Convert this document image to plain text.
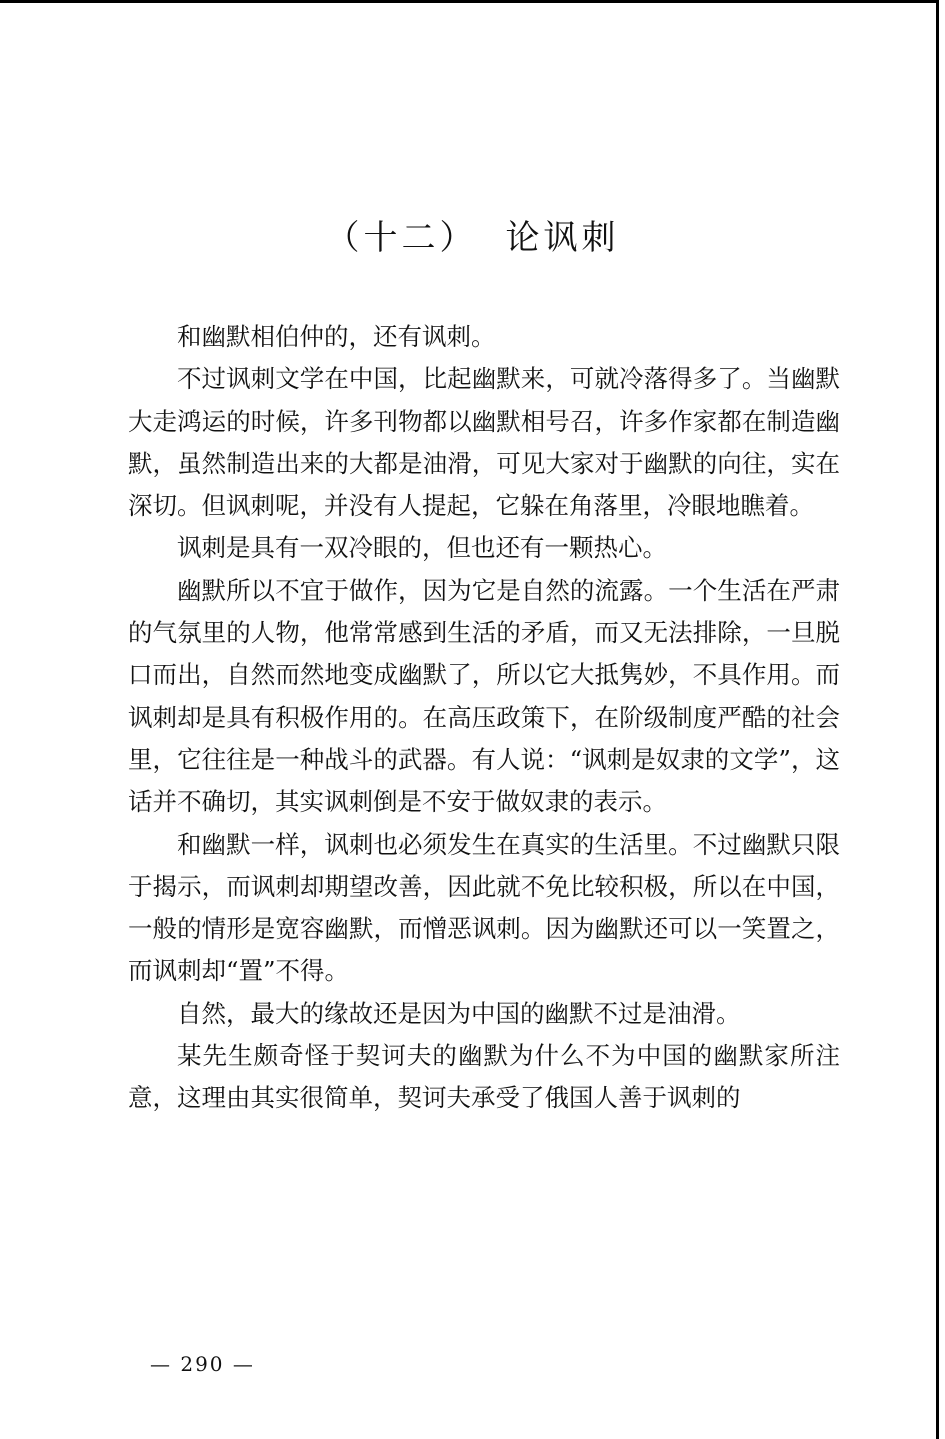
（十二） 论讽刺

和幽默相伯仲的，还有讽刺。

不过讽刺文学在中国，比起幽默来，可就冷落得多了。当幽默大走鸿运的时候，许多刊物都以幽默相号召，许多作家都在制造幽默，虽然制造出来的大都是油滑，可见大家对于幽默的向往，实在深切。但讽刺呢，并没有人提起，它躲在角落里，冷眼地瞧着。

讽刺是具有一双冷眼的，但也还有一颗热心。

幽默所以不宜于做作，因为它是自然的流露。一个生活在严肃的气氛里的人物，他常常感到生活的矛盾，而又无法排除，一旦脱口而出，自然而然地变成幽默了，所以它大抵隽妙，不具作用。而讽刺却是具有积极作用的。在高压政策下，在阶级制度严酷的社会里，它往往是一种战斗的武器。有人说：“讽刺是奴隶的文学”，这话并不确切，其实讽刺倒是不安于做奴隶的表示。

和幽默一样，讽刺也必须发生在真实的生活里。不过幽默只限于揭示，而讽刺却期望改善，因此就不免比较积极，所以在中国，一般的情形是宽容幽默，而憎恶讽刺。因为幽默还可以一笑置之，而讽刺却“置”不得。

自然，最大的缘故还是因为中国的幽默不过是油滑。

某先生颇奇怪于契诃夫的幽默为什么不为中国的幽默家所注意，这理由其实很简单，契诃夫承受了俄国人善于讽刺的

— 290 —
